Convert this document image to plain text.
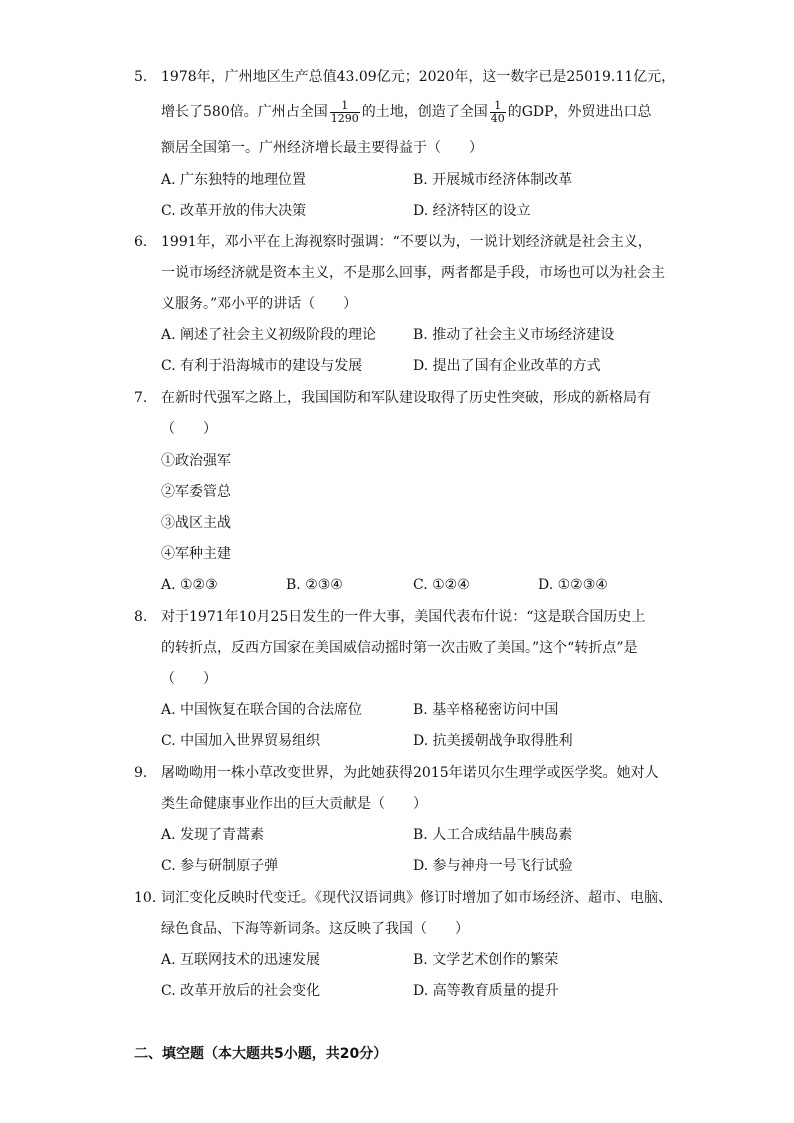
5. 1978年，广州地区生产总值43.09亿元；2020年，这一数字已是25019.11亿元，
增长了580倍。广州占全国 $\frac{1}{1290}$ 的土地，创造了全国 $\frac{1}{40}$ 的GDP，外贸进出口总
额居全国第一。广州经济增长最主要得益于（　　）
A. 广东独特的地理位置	B. 开展城市经济体制改革
C. 改革开放的伟大决策	D. 经济特区的设立
6. 1991年，邓小平在上海视察时强调：“不要以为，一说计划经济就是社会主义，
一说市场经济就是资本主义，不是那么回事，两者都是手段，市场也可以为社会主
义服务。”邓小平的讲话（　　）
A. 阐述了社会主义初级阶段的理论	B. 推动了社会主义市场经济建设
C. 有利于沿海城市的建设与发展	D. 提出了国有企业改革的方式
7. 在新时代强军之路上，我国国防和军队建设取得了历史性突破，形成的新格局有
（　　）
①政治强军
②军委管总
③战区主战
④军种主建
A. ①②③	B. ②③④	C. ①②④	D. ①②③④
8. 对于1971年10月25日发生的一件大事，美国代表布什说：“这是联合国历史上
的转折点，反西方国家在美国威信动摇时第一次击败了美国。”这个“转折点”是
（　　）
A. 中国恢复在联合国的合法席位	B. 基辛格秘密访问中国
C. 中国加入世界贸易组织	D. 抗美援朝战争取得胜利
9. 屠呦呦用一株小草改变世界，为此她获得2015年诺贝尔生理学或医学奖。她对人
类生命健康事业作出的巨大贡献是（　　）
A. 发现了青蒿素	B. 人工合成结晶牛胰岛素
C. 参与研制原子弹	D. 参与神舟一号飞行试验
10. 词汇变化反映时代变迁。《现代汉语词典》修订时增加了如市场经济、超市、电脑、
绿色食品、下海等新词条。这反映了我国（　　）
A. 互联网技术的迅速发展	B. 文学艺术创作的繁荣
C. 改革开放后的社会变化	D. 高等教育质量的提升
二、填空题（本大题共5小题，共20分）
